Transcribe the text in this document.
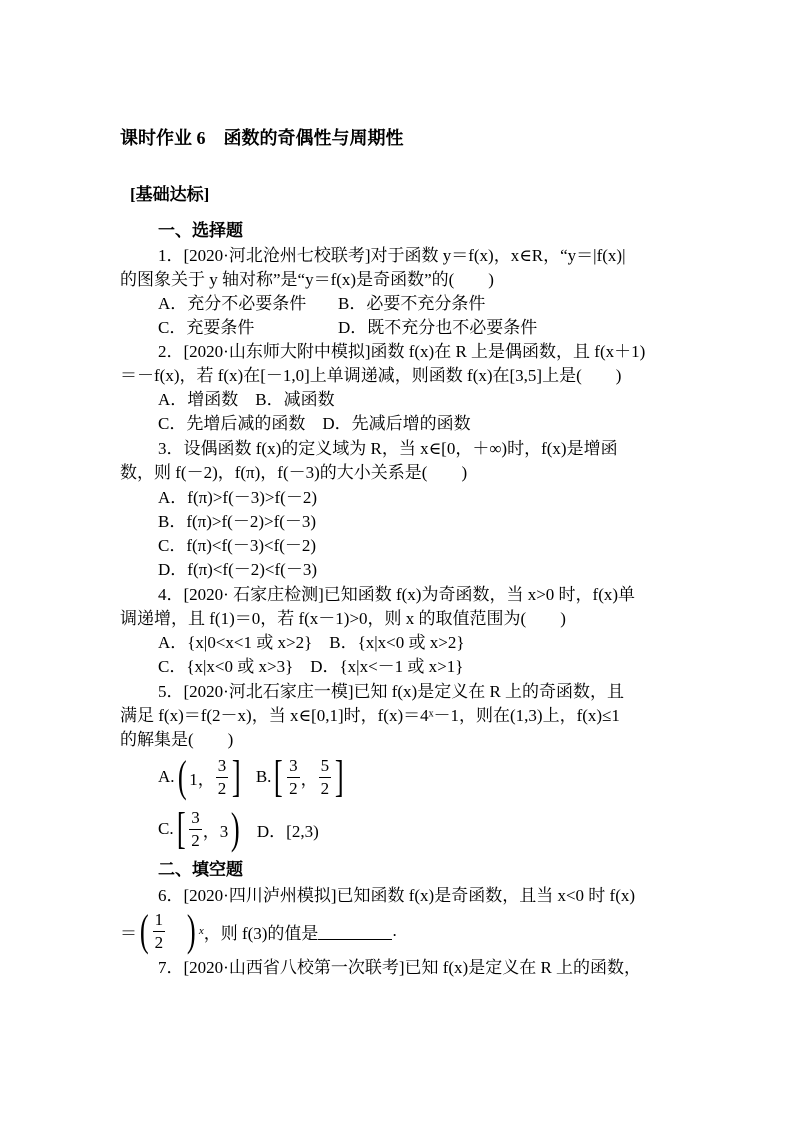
课时作业 6　函数的奇偶性与周期性
[基础达标]
一、选择题
1．[2020·河北沧州七校联考]对于函数 y＝f(x)，x∈R，“y＝|f(x)|
的图象关于 y 轴对称”是“y＝f(x)是奇函数”的(　　)
A．充分不必要条件 B．必要不充分条件
C．充要条件	D．既不充分也不必要条件
2．[2020·山东师大附中模拟]函数 f(x)在 R 上是偶函数，且 f(x＋1)
＝－f(x)，若 f(x)在[－1,0]上单调递减，则函数 f(x)在[3,5]上是(　　)
A．增函数　B．减函数
C．先增后减的函数　D．先减后增的函数
3．设偶函数 f(x)的定义域为 R，当 x∈[0，＋∞)时，f(x)是增函
数，则 f(－2)，f(π)，f(－3)的大小关系是(　　)
A．f(π)>f(－3)>f(－2)
B．f(π)>f(－2)>f(－3)
C．f(π)<f(－3)<f(－2)
D．f(π)<f(－2)<f(－3)
4．[2020· 石家庄检测]已知函数 f(x)为奇函数，当 x>0 时，f(x)单
调递增，且 f(1)＝0，若 f(x－1)>0，则 x 的取值范围为(　　)
A．{x|0<x<1 或 x>2}　B．{x|x<0 或 x>2}
C．{x|x<0 或 x>3}　D．{x|x<－1 或 x>1}
5．[2020·河北石家庄一模]已知 f(x)是定义在 R 上的奇函数，且
满足 f(x)＝f(2－x)，当 x∈[0,1]时，f(x)＝4ˣ－1，则在(1,3)上，f(x)≤1
的解集是(　　)
A. ( 1， $\frac{3}{2}$ ] B. [ $\frac{3}{2}$ ， $\frac{5}{2}$ ]
C. [ $\frac{3}{2}$ ，3 ) D．[2,3)
二、填空题
6．[2020·四川泸州模拟]已知函数 f(x)是奇函数，且当 x<0 时 f(x)
＝ ( $\frac{1}{2}$ ) x ，则 f(3)的值是	.
7．[2020·山西省八校第一次联考]已知 f(x)是定义在 R 上的函数，
